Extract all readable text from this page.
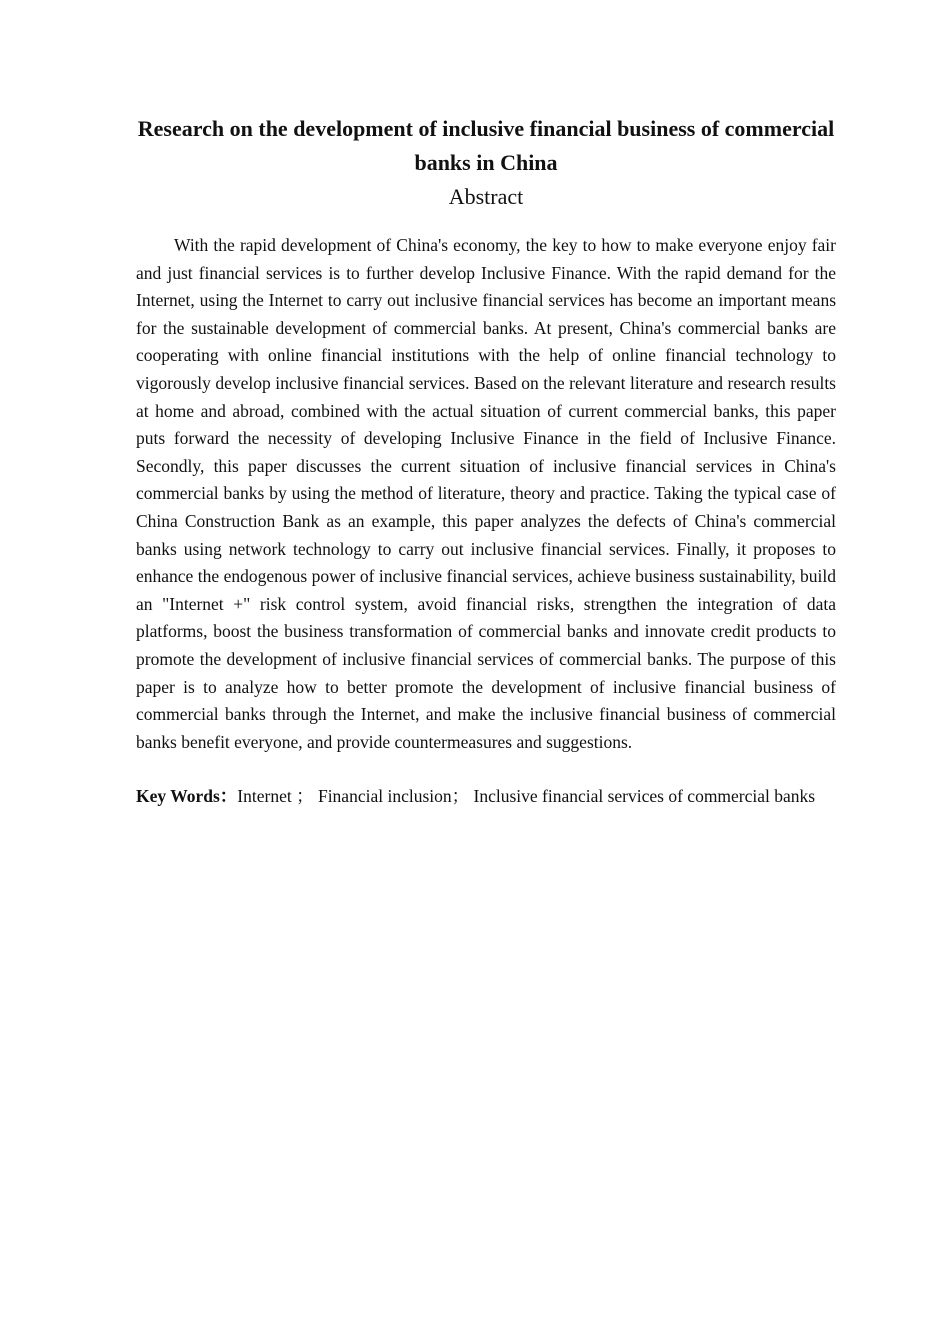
Research on the development of inclusive financial business of commercial banks in China
Abstract

With the rapid development of China's economy, the key to how to make everyone enjoy fair and just financial services is to further develop Inclusive Finance. With the rapid demand for the Internet, using the Internet to carry out inclusive financial services has become an important means for the sustainable development of commercial banks. At present, China's commercial banks are cooperating with online financial institutions with the help of online financial technology to vigorously develop inclusive financial services. Based on the relevant literature and research results at home and abroad, combined with the actual situation of current commercial banks, this paper puts forward the necessity of developing Inclusive Finance in the field of Inclusive Finance. Secondly, this paper discusses the current situation of inclusive financial services in China's commercial banks by using the method of literature, theory and practice. Taking the typical case of China Construction Bank as an example, this paper analyzes the defects of China's commercial banks using network technology to carry out inclusive financial services. Finally, it proposes to enhance the endogenous power of inclusive financial services, achieve business sustainability, build an "Internet +" risk control system, avoid financial risks, strengthen the integration of data platforms, boost the business transformation of commercial banks and innovate credit products to promote the development of inclusive financial services of commercial banks. The purpose of this paper is to analyze how to better promote the development of inclusive financial business of commercial banks through the Internet, and make the inclusive financial business of commercial banks benefit everyone, and provide countermeasures and suggestions.

Key Words：Internet ； Financial inclusion； Inclusive financial services of commercial banks
